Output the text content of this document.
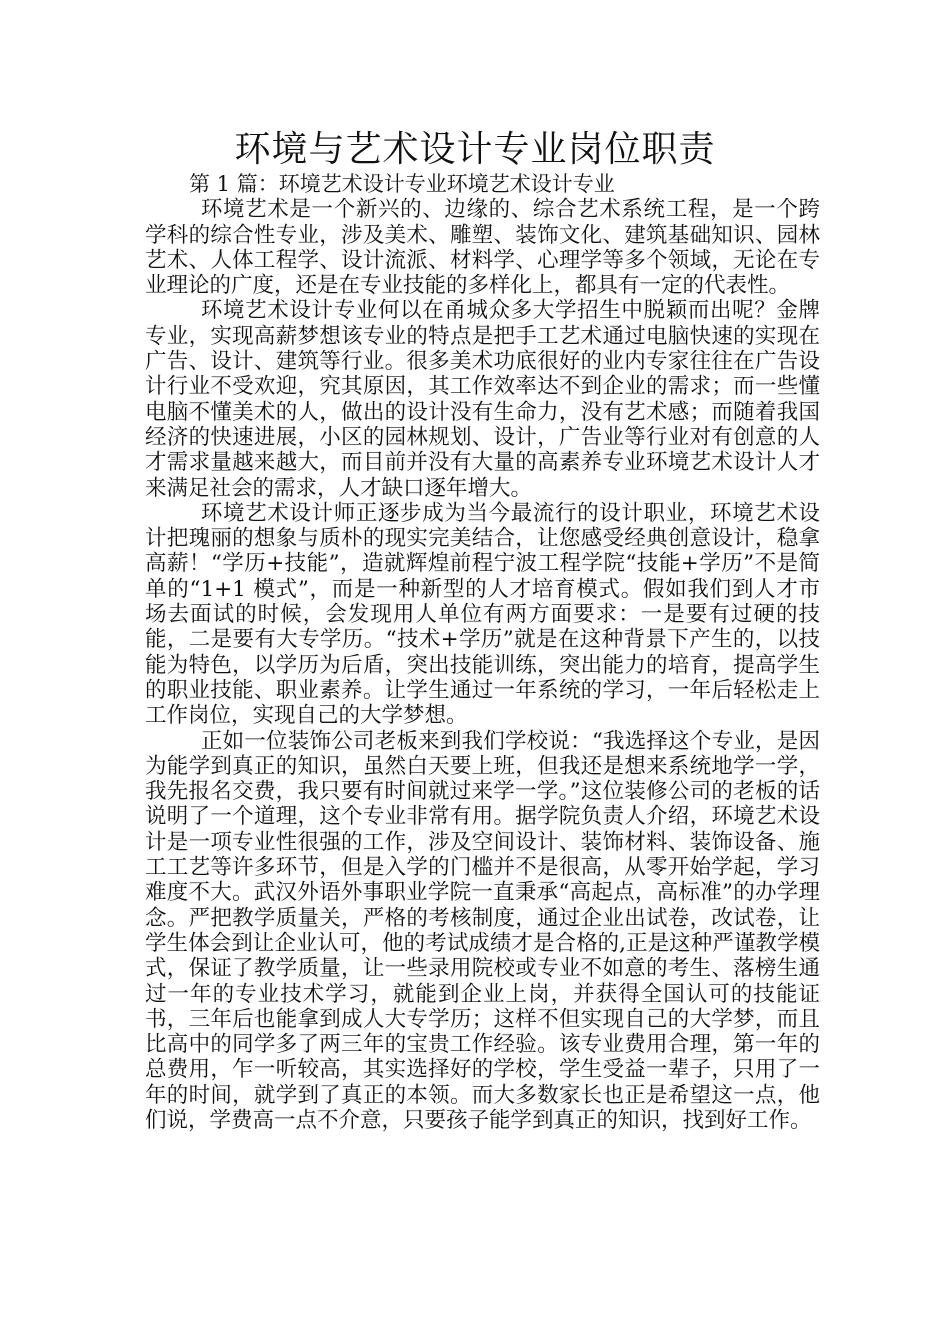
环境与艺术设计专业岗位职责
第 1 篇：环境艺术设计专业环境艺术设计专业

环境艺术是一个新兴的、边缘的、综合艺术系统工程，是一个跨学科的综合性专业，涉及美术、雕塑、装饰文化、建筑基础知识、园林艺术、人体工程学、设计流派、材料学、心理学等多个领域，无论在专业理论的广度，还是在专业技能的多样化上，都具有一定的代表性。

环境艺术设计专业何以在甬城众多大学招生中脱颖而出呢？金牌专业，实现高薪梦想该专业的特点是把手工艺术通过电脑快速的实现在广告、设计、建筑等行业。很多美术功底很好的业内专家往往在广告设计行业不受欢迎，究其原因，其工作效率达不到企业的需求；而一些懂电脑不懂美术的人，做出的设计没有生命力，没有艺术感；而随着我国经济的快速进展，小区的园林规划、设计，广告业等行业对有创意的人才需求量越来越大，而目前并没有大量的高素养专业环境艺术设计人才来满足社会的需求，人才缺口逐年增大。

环境艺术设计师正逐步成为当今最流行的设计职业，环境艺术设计把瑰丽的想象与质朴的现实完美结合，让您感受经典创意设计，稳拿高薪！“学历+技能”，造就辉煌前程宁波工程学院“技能+学历”不是简单的“1+1 模式”，而是一种新型的人才培育模式。假如我们到人才市场去面试的时候，会发现用人单位有两方面要求：一是要有过硬的技能，二是要有大专学历。“技术+学历”就是在这种背景下产生的，以技能为特色，以学历为后盾，突出技能训练，突出能力的培育，提高学生的职业技能、职业素养。让学生通过一年系统的学习，一年后轻松走上工作岗位，实现自己的大学梦想。

正如一位装饰公司老板来到我们学校说：“我选择这个专业，是因为能学到真正的知识，虽然白天要上班，但我还是想来系统地学一学，我先报名交费，我只要有时间就过来学一学。”这位装修公司的老板的话说明了一个道理，这个专业非常有用。据学院负责人介绍，环境艺术设计是一项专业性很强的工作，涉及空间设计、装饰材料、装饰设备、施工工艺等许多环节，但是入学的门槛并不是很高，从零开始学起，学习难度不大。武汉外语外事职业学院一直秉承“高起点，高标准”的办学理念。严把教学质量关，严格的考核制度，通过企业出试卷，改试卷，让学生体会到让企业认可，他的考试成绩才是合格的,正是这种严谨教学模式，保证了教学质量，让一些录用院校或专业不如意的考生、落榜生通过一年的专业技术学习，就能到企业上岗，并获得全国认可的技能证书，三年后也能拿到成人大专学历；这样不但实现自己的大学梦，而且比高中的同学多了两三年的宝贵工作经验。该专业费用合理，第一年的总费用，乍一听较高，其实选择好的学校，学生受益一辈子，只用了一年的时间，就学到了真正的本领。而大多数家长也正是希望这一点，他们说，学费高一点不介意，只要孩子能学到真正的知识，找到好工作。
